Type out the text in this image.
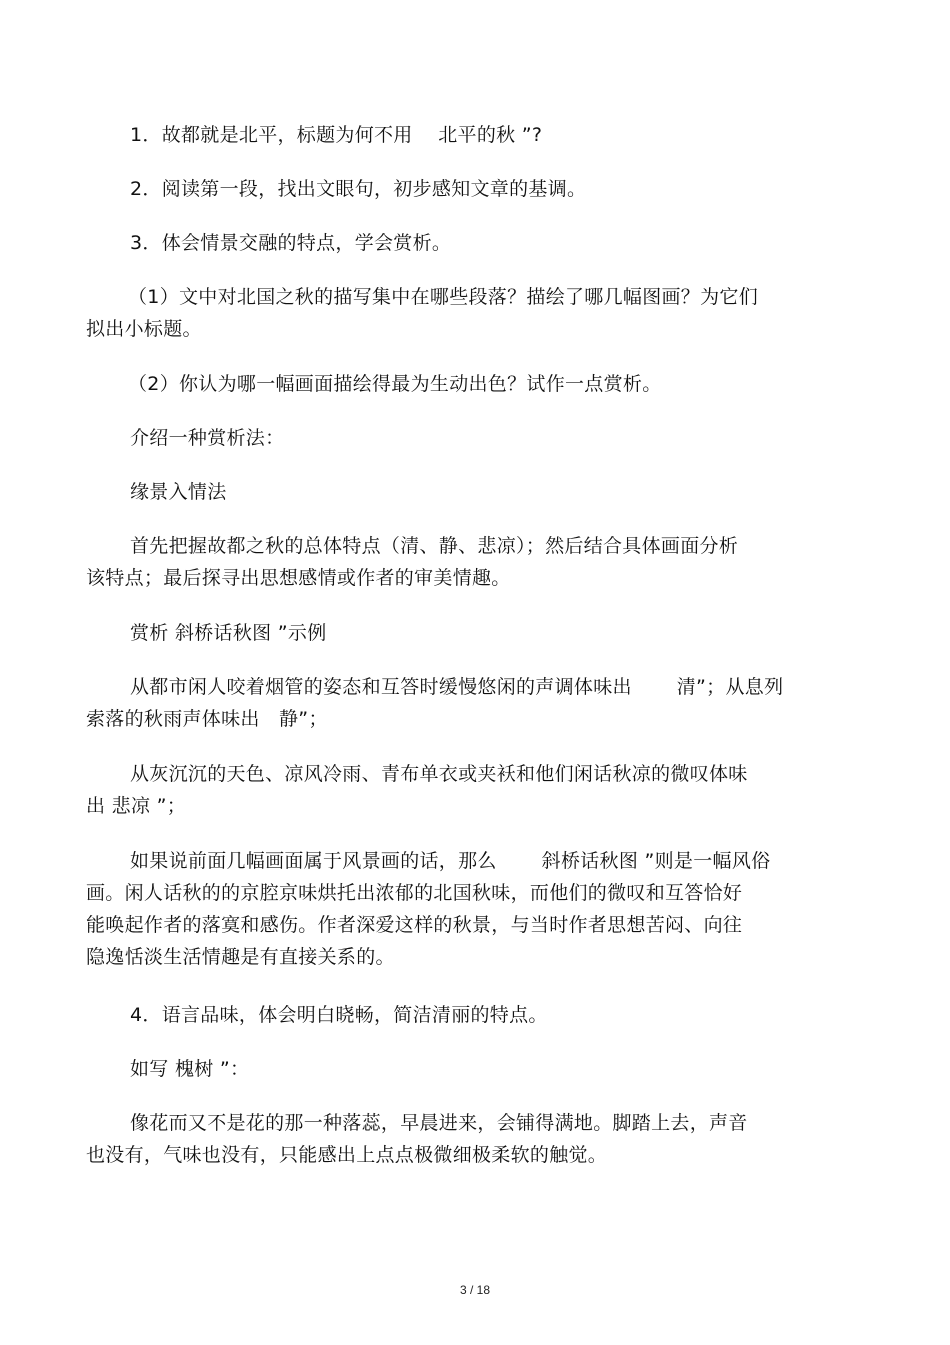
1．故都就是北平，标题为何不用　 北平的秋 ”?
2．阅读第一段，找出文眼句，初步感知文章的基调。
3．体会情景交融的特点，学会赏析。
（1）文中对北国之秋的描写集中在哪些段落？描绘了哪几幅图画？为它们
拟出小标题。
（2）你认为哪一幅画面描绘得最为生动出色？试作一点赏析。
介绍一种赏析法：
缘景入情法
首先把握故都之秋的总体特点（清、静、悲凉）；然后结合具体画面分析
该特点；最后探寻出思想感情或作者的审美情趣。
赏析 斜桥话秋图 ”示例
从都市闲人咬着烟管的姿态和互答时缓慢悠闲的声调体味出　　 清”；从息列
索落的秋雨声体味出　静”；
从灰沉沉的天色、凉风冷雨、青布单衣或夹袄和他们闲话秋凉的微叹体味
出 悲凉 ”；
如果说前面几幅画面属于风景画的话，那么　　 斜桥话秋图 ”则是一幅风俗
画。闲人话秋的的京腔京味烘托出浓郁的北国秋味，而他们的微叹和互答恰好
能唤起作者的落寞和感伤。作者深爱这样的秋景，与当时作者思想苦闷、向往
隐逸恬淡生活情趣是有直接关系的。
4．语言品味，体会明白晓畅，简洁清丽的特点。
如写 槐树 ”：
像花而又不是花的那一种落蕊，早晨进来，会铺得满地。脚踏上去，声音
也没有，气味也没有，只能感出上点点极微细极柔软的触觉。
3 / 18
